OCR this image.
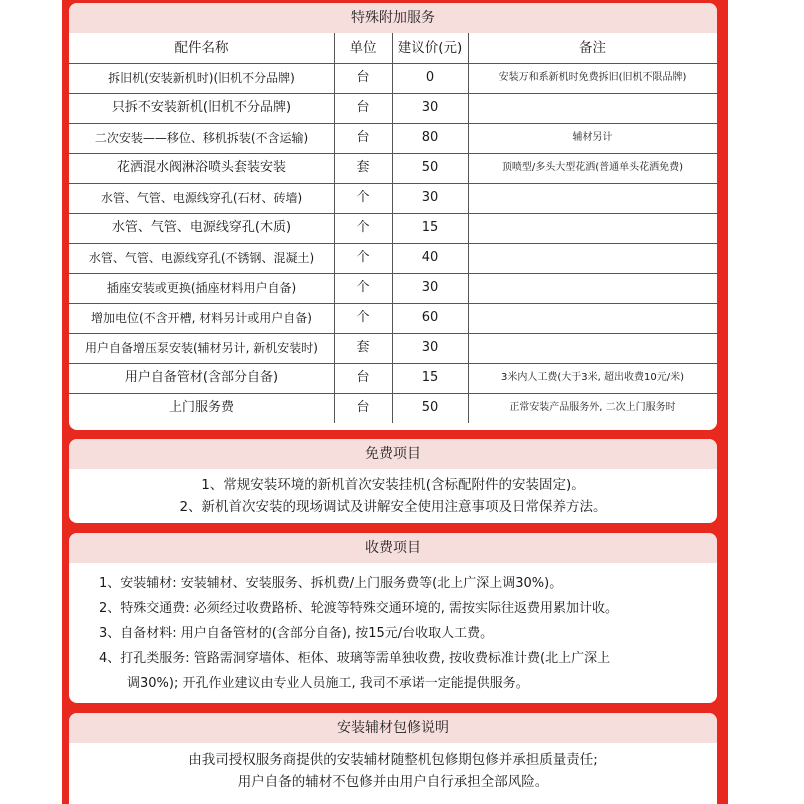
特殊附加服务
配件名称	单位	建议价(元)	备注
拆旧机(安装新机时)(旧机不分品牌)	台	0	安装万和系新机时免费拆旧(旧机不限品牌)
只拆不安装新机(旧机不分品牌)	台	30
二次安装——移位、移机拆装(不含运输)	台	80	辅材另计
花洒混水阀淋浴喷头套装安装	套	50	顶喷型/多头大型花洒(普通单头花洒免费)
水管、气管、电源线穿孔(石材、砖墙)	个	30
水管、气管、电源线穿孔(木质)	个	15
水管、气管、电源线穿孔(不锈钢、混凝土)	个	40
插座安装或更换(插座材料用户自备)	个	30
增加电位(不含开槽, 材料另计或用户自备)	个	60
用户自备增压泵安装(辅材另计, 新机安装时)	套	30
用户自备管材(含部分自备)	台	15	3米内人工费(大于3米, 超出收费10元/米)
上门服务费	台	50	正常安装产品服务外, 二次上门服务时
免费项目
1、常规安装环境的新机首次安装挂机(含标配附件的安装固定)。
2、新机首次安装的现场调试及讲解安全使用注意事项及日常保养方法。
收费项目
1、安装辅材: 安装辅材、安装服务、拆机费/上门服务费等(北上广深上调30%)。
2、特殊交通费: 必须经过收费路桥、轮渡等特殊交通环境的, 需按实际往返费用累加计收。
3、自备材料: 用户自备管材的(含部分自备), 按15元/台收取人工费。
4、打孔类服务: 管路需洞穿墙体、柜体、玻璃等需单独收费, 按收费标准计费(北上广深上
调30%); 开孔作业建议由专业人员施工, 我司不承诺一定能提供服务。
安装辅材包修说明
由我司授权服务商提供的安装辅材随整机包修期包修并承担质量责任;
用户自备的辅材不包修并由用户自行承担全部风险。
